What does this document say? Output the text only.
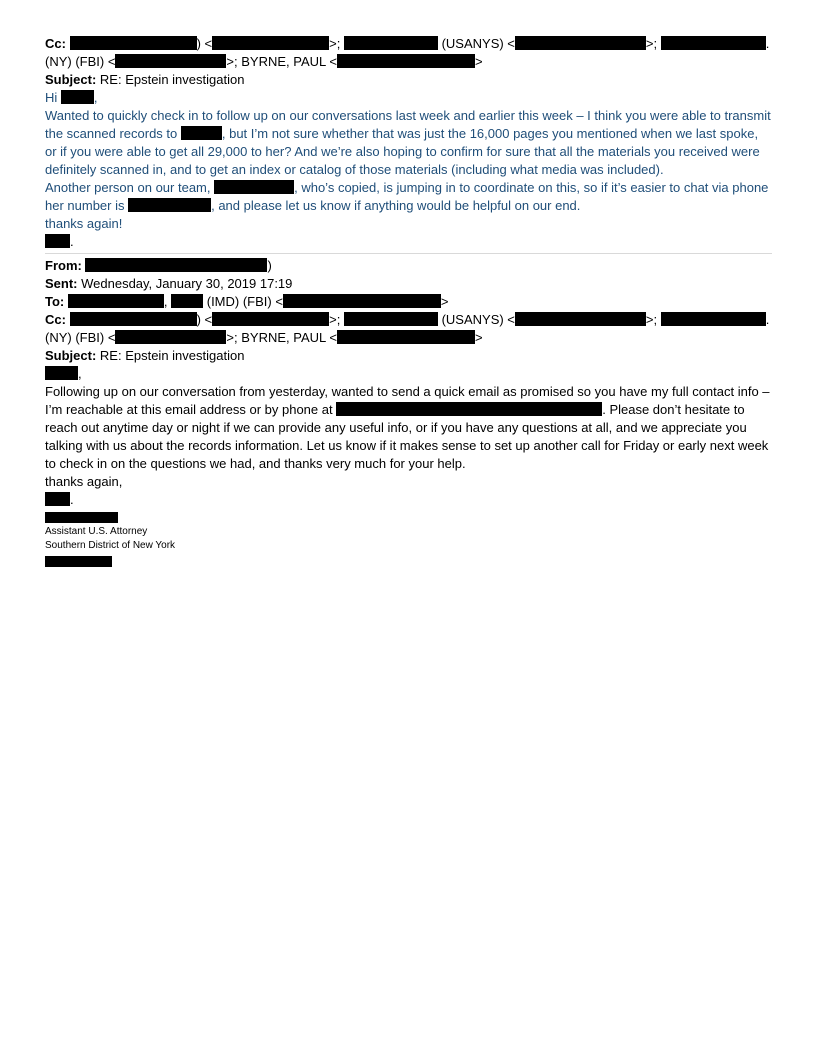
Cc:	) <	>;	(USANYS) <	>;	.
(NY) (FBI) <	>; BYRNE, PAUL <	>
Subject: RE: Epstein investigation
Hi	,
Wanted to quickly check in to follow up on our conversations last week and earlier this week – I think you were able to transmit the scanned records to	, but I’m not sure whether that was just the 16,000 pages you mentioned when we last spoke, or if you were able to get all 29,000 to her? And we’re also hoping to confirm for sure that all the materials you received were definitely scanned in, and to get an index or catalog of those materials (including what media was included).
Another person on our team,	, who’s copied, is jumping in to coordinate on this, so if it’s easier to chat via phone her number is	, and please let us know if anything would be helpful on our end.
thanks again!
.
From:	)
Sent: Wednesday, January 30, 2019 17:19
To:	,	(IMD) (FBI) <	>
Cc:	) <	>;	(USANYS) <	>;	.
(NY) (FBI) <	>; BYRNE, PAUL <	>
Subject: RE: Epstein investigation
,
Following up on our conversation from yesterday, wanted to send a quick email as promised so you have my full contact info – I’m reachable at this email address or by phone at	. Please don’t hesitate to reach out anytime day or night if we can provide any useful info, or if you have any questions at all, and we appreciate you talking with us about the records information. Let us know if it makes sense to set up another call for Friday or early next week to check in on the questions we had, and thanks very much for your help.
thanks again,
.
Assistant U.S. Attorney
Southern District of New York
